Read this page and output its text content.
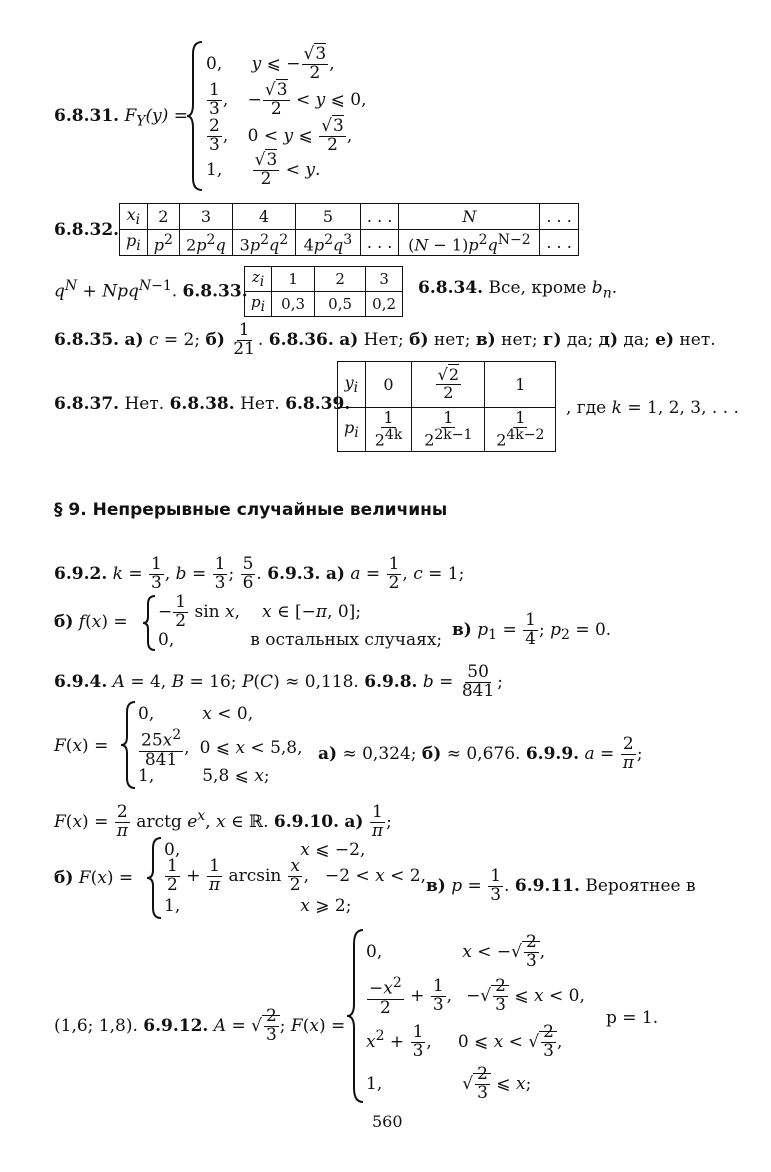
6.8.31. $F_Y(y)$ =
0, y ⩽ − $\frac{√3}{2}$ ,
$\frac{1}{3}$ , − $\frac{√3}{2} < y$ ⩽ 0,
$\frac{2}{3}$ , 0 < y ⩽ $\frac{√3}{2}$ ,
1, $\frac{√3}{2} < y$.
6.8.32.
$x_i$	2	3	4	5	. . .	N	. . .
$p_i$	$p^2$	$2p^2q$	$3p^2q^2$	$4p^2q^3$	. . .	$(N - 1)p^2q^{N-2}$	. . .
$q^N + Npq^{N-1}$. 6.8.33.
$z_i$	1	2	3
$p_i$	0,3	0,5	0,2
6.8.34. Все, кроме $b_n$.
6.8.35. а) c = 2; $б) \frac{1}{21}$ . 6.8.36. а) Нет; б) нет; в) нет; г) да; д) да; е) нет.
6.8.37. Нет. 6.8.38. Нет. 6.8.39.
$y_i$	0	$\frac{√2}{2}$	1
$p_i$	$\frac{1}{2^{4k}}$	$\frac{1}{2^{2k-1}}$	$\frac{1}{2^{4k-2}}$
, где k = 1, 2, 3, . . .
§ 9. Непрерывные случайные величины
6.9.2. $k = \frac{1}{3}$ , $b = \frac{1}{3}$ ; $\frac{5}{6}$ . 6.9.3. а) $a = \frac{1}{2}$ , c = 1;
б) f(x) =
− $\frac{1}{2}$ sin x, x ∈ [−π, 0];
0,	в остальных случаях;
в) $p_1 = \frac{1}{4}$ ; $p_2 = 0$.
6.9.4. A = 4, B = 16; P(C) ≈ 0,118. 6.9.8. $b = \frac{50}{841}$ ;
F(x) =
0,	x < 0,
$\frac{25x^2}{841}$ , 0 ⩽ x < 5,8,
1,	5,8 ⩽ x;
а) ≈ 0,324; б) ≈ 0,676. 6.9.9. $a = \frac{2}{\pi}$ ;
$F(x) = \frac{2}{\pi}$ arctg $e^x$, x ∈ ℝ. 6.9.10. $а) \frac{1}{\pi}$ ;
б) F(x) =
0,	x ⩽ −2,
$\frac{1}{2} + \frac{1}{\pi}$ $\arcsin \frac{x}{2}$ , −2 < x < 2,
1,	x ⩾ 2;
в) $p = \frac{1}{3}$ . 6.9.11. Вероятнее в
(1,6; 1,8). 6.9.12. A = √ $\frac{2}{3}$ ; F(x) =
0,	x < −√ $\frac{2}{3}$ ,
$\frac{-x^2}{2} + \frac{1}{3}$ , −√ $\frac{2}{3}$ ⩽ x < 0,
$x^2 + \frac{1}{3}$ , 0 ⩽ x < √ $\frac{2}{3}$ ,
1,	√ $\frac{2}{3}$ ⩽ x;
p = 1.
560
